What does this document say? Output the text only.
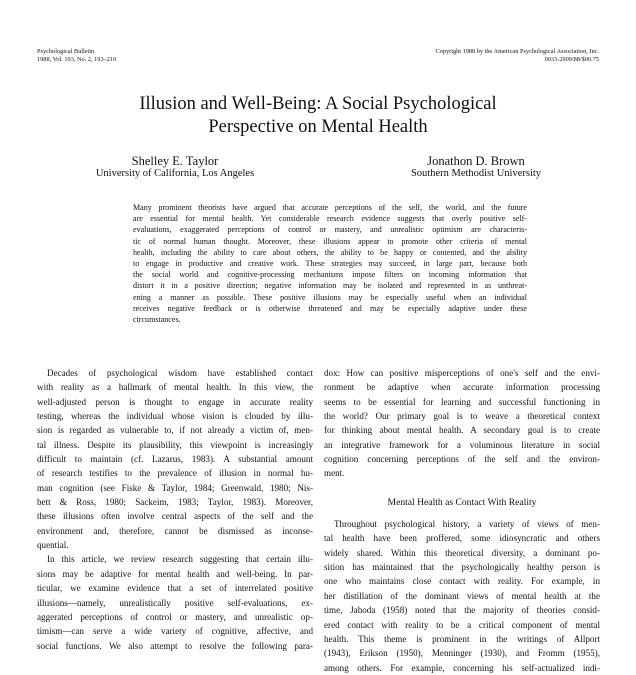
Psychological Bulletin
1988, Vol. 103, No. 2, 193–210
Copyright 1988 by the American Psychological Association, Inc.
0033-2909/88/$00.75
Illusion and Well-Being: A Social Psychological
Perspective on Mental Health
Shelley E. Taylor
University of California, Los Angeles
Jonathon D. Brown
Southern Methodist University
Many prominent theorists have argued that accurate perceptions of the self, the world, and the future
are essential for mental health. Yet considerable research evidence suggests that overly positive self-
evaluations, exaggerated perceptions of control or mastery, and unrealistic optimism are characteris-
tic of normal human thought. Moreover, these illusions appear to promote other criteria of mental
health, including the ability to care about others, the ability to be happy or contented, and the ability
to engage in productive and creative work. These strategies may succeed, in large part, because both
the social world and cognitive-processing mechanisms impose filters on incoming information that
distort it in a positive direction; negative information may be isolated and represented in as unthreat-
ening a manner as possible. These positive illusions may be especially useful when an individual
receives negative feedback or is otherwise threatened and may be especially adaptive under these
circumstances.
Decades of psychological wisdom have established contact
with reality as a hallmark of mental health. In this view, the
well-adjusted person is thought to engage in accurate reality
testing, whereas the individual whose vision is clouded by illu-
sion is regarded as vulnerable to, if not already a victim of, men-
tal illness. Despite its plausibility, this viewpoint is increasingly
difficult to maintain (cf. Lazarus, 1983). A substantial amount
of research testifies to the prevalence of illusion in normal hu-
man cognition (see Fiske & Taylor, 1984; Greenwald, 1980; Nis-
bett & Ross, 1980; Sackeim, 1983; Taylor, 1983). Moreover,
these illusions often involve central aspects of the self and the
environment and, therefore, cannot be dismissed as inconse-
quential.
In this article, we review research suggesting that certain illu-
sions may be adaptive for mental health and well-being. In par-
ticular, we examine evidence that a set of interrelated positive
illusions—namely, unrealistically positive self-evaluations, ex-
aggerated perceptions of control or mastery, and unrealistic op-
timism—can serve a wide variety of cognitive, affective, and
social functions. We also attempt to resolve the following para-
dox: How can positive misperceptions of one's self and the envi-
ronment be adaptive when accurate information processing
seems to be essential for learning and successful functioning in
the world? Our primary goal is to weave a theoretical context
for thinking about mental health. A secondary goal is to create
an integrative framework for a voluminous literature in social
cognition concerning perceptions of the self and the environ-
ment.
Mental Health as Contact With Reality
Throughout psychological history, a variety of views of men-
tal health have been proffered, some idiosyncratic and others
widely shared. Within this theoretical diversity, a dominant po-
sition has maintained that the psychologically healthy person is
one who maintains close contact with reality. For example, in
her distillation of the dominant views of mental health at the
time, Jahoda (1958) noted that the majority of theories consid-
ered contact with reality to be a critical component of mental
health. This theme is prominent in the writings of Allport
(1943), Erikson (1950), Menninger (1930), and Fromm (1955),
among others. For example, concerning his self-actualized indi-
